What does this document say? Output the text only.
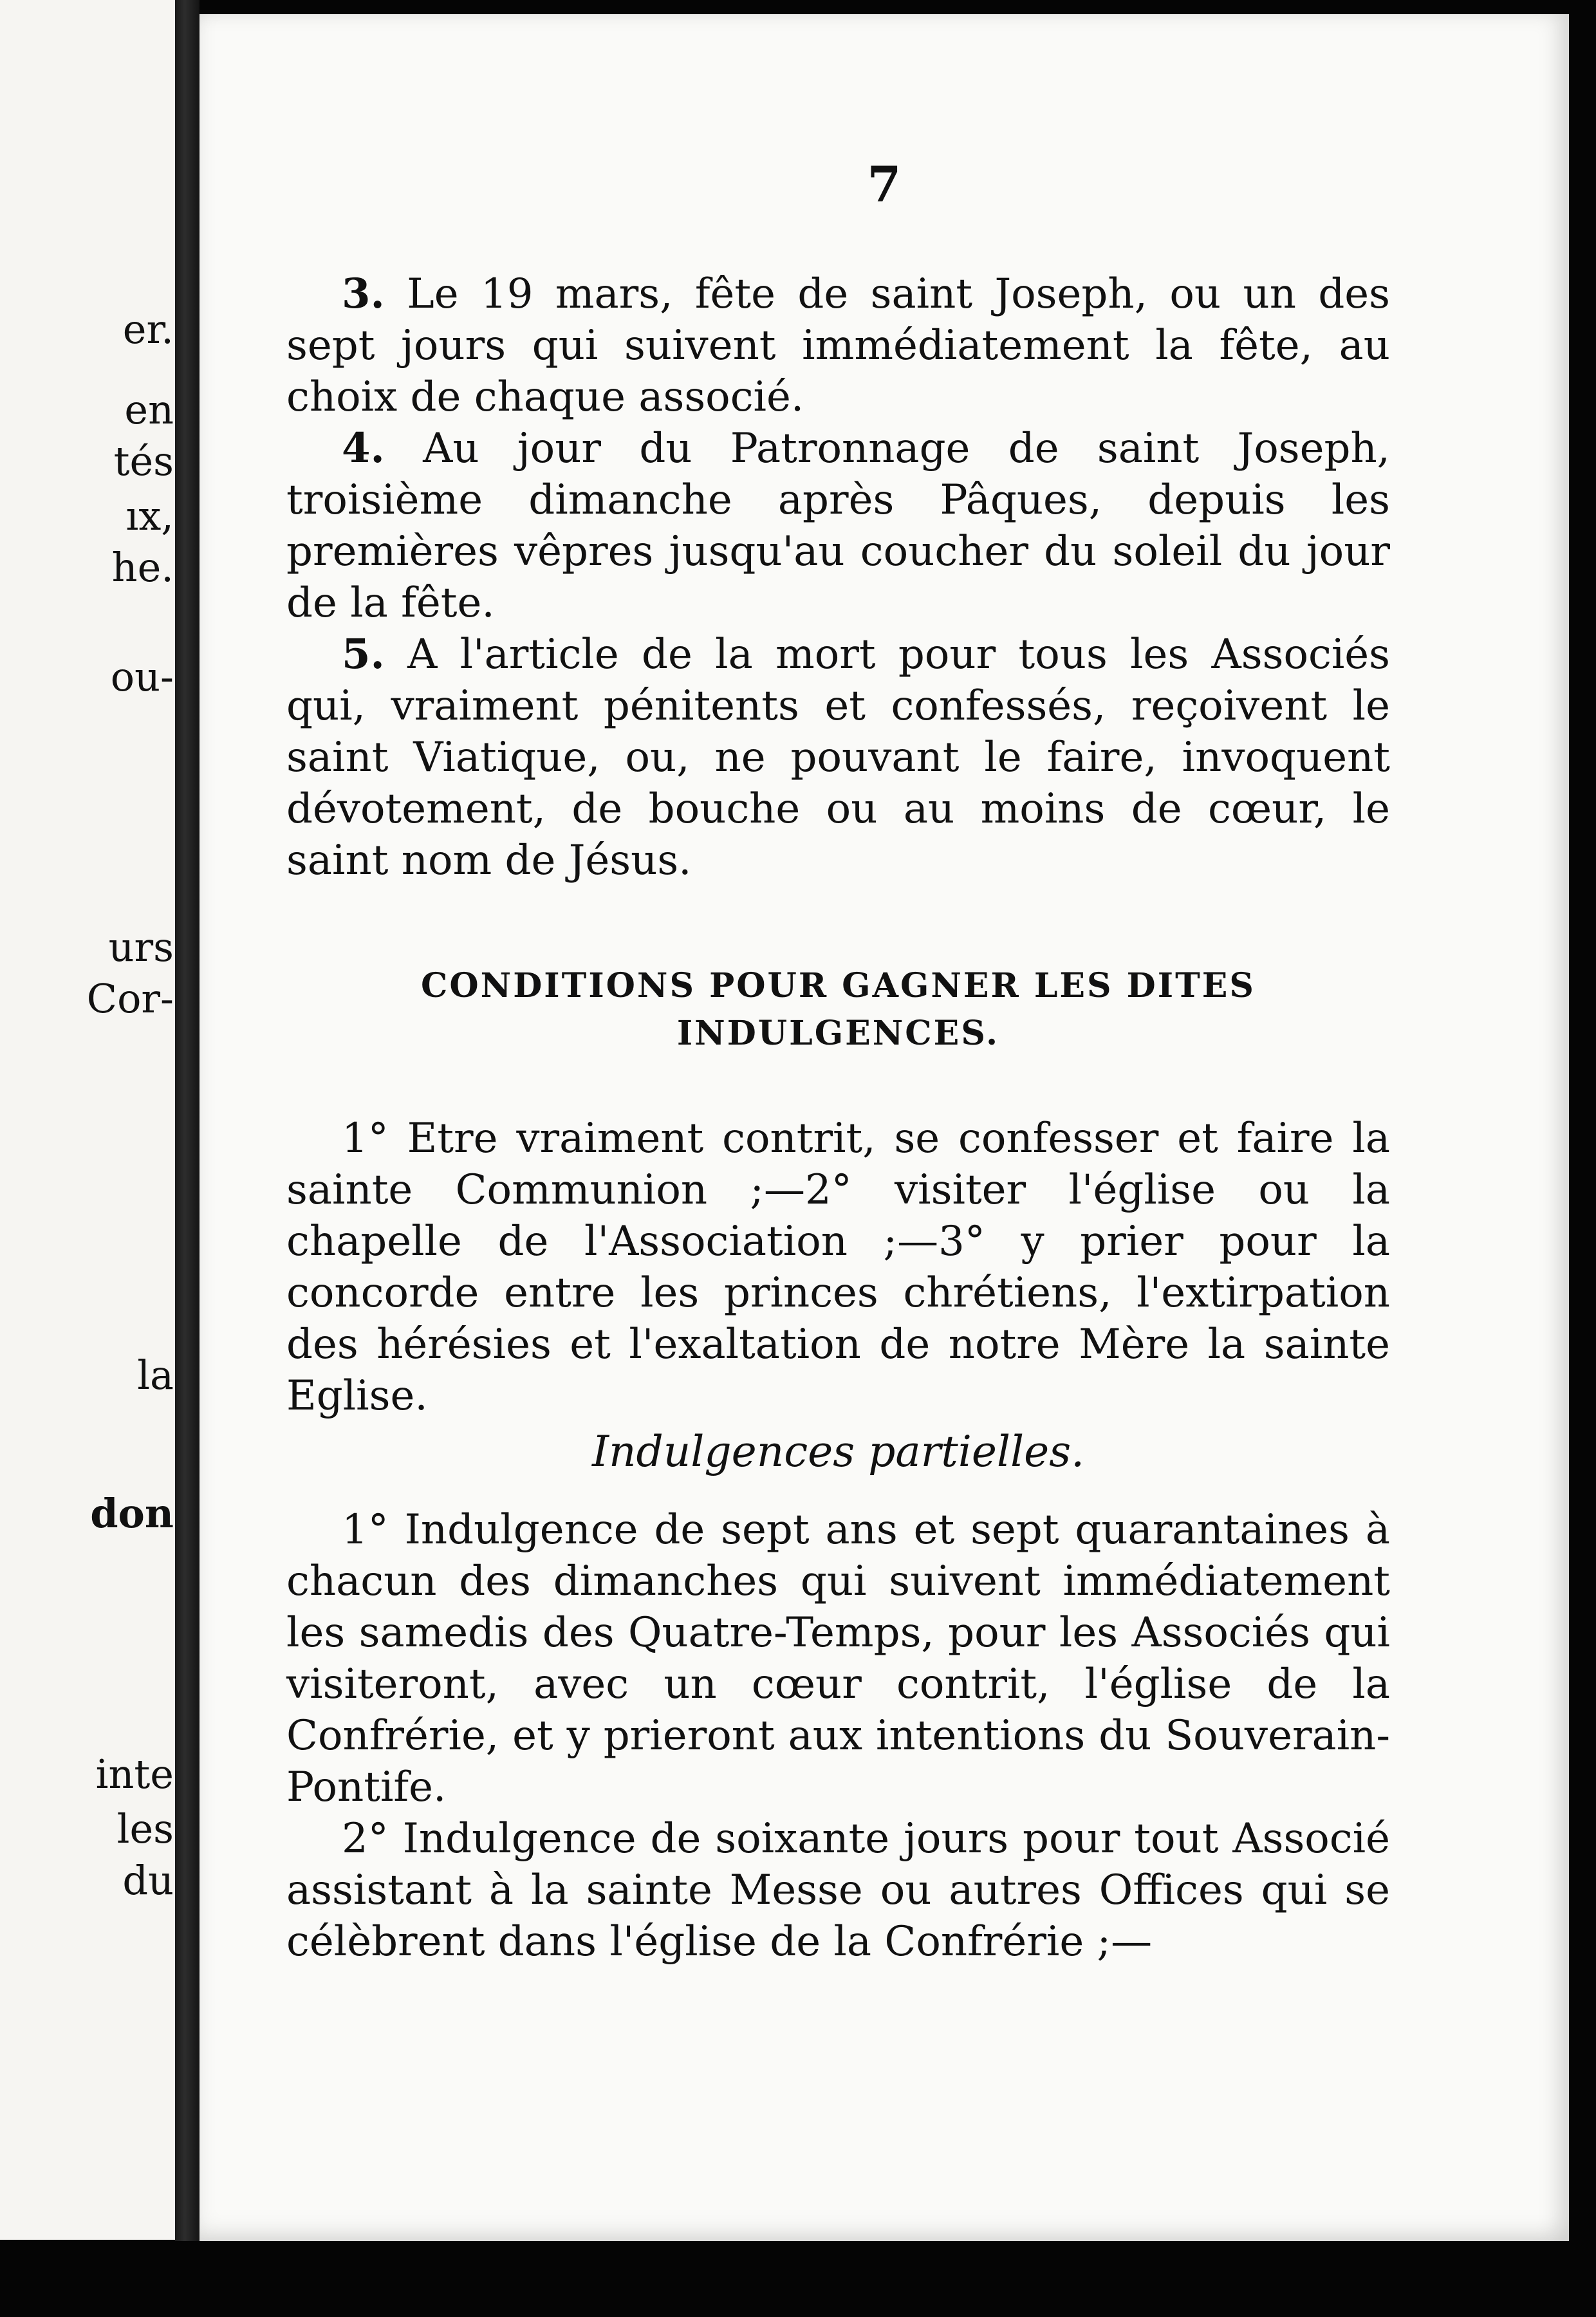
er.
en
tés
ıx,
he.
ou-
urs
Cor-
la
don
inte
les
du
7

3. Le 19 mars, fête de saint Joseph, ou un des sept jours qui suivent immédiatement la fête, au choix de chaque associé.

4. Au jour du Patronnage de saint Joseph, troisième dimanche après Pâques, depuis les premières vêpres jusqu'au coucher du soleil du jour de la fête.

5. A l'article de la mort pour tous les Associés qui, vraiment pénitents et confessés, reçoivent le saint Viatique, ou, ne pouvant le faire, invoquent dévotement, de bouche ou au moins de cœur, le saint nom de Jésus.

CONDITIONS POUR GAGNER LES DITES
INDULGENCES.

1° Etre vraiment contrit, se confesser et faire la sainte Communion ;—2° visiter l'église ou la chapelle de l'Association ;—3° y prier pour la concorde entre les princes chrétiens, l'extirpation des hérésies et l'exaltation de notre Mère la sainte Eglise.

Indulgences partielles.

1° Indulgence de sept ans et sept quarantaines à chacun des dimanches qui suivent immédiatement les samedis des Quatre-Temps, pour les Associés qui visiteront, avec un cœur contrit, l'église de la Confrérie, et y prieront aux intentions du Souverain-Pontife.

2° Indulgence de soixante jours pour tout Associé assistant à la sainte Messe ou autres Offices qui se célèbrent dans l'église de la Confrérie ;—
